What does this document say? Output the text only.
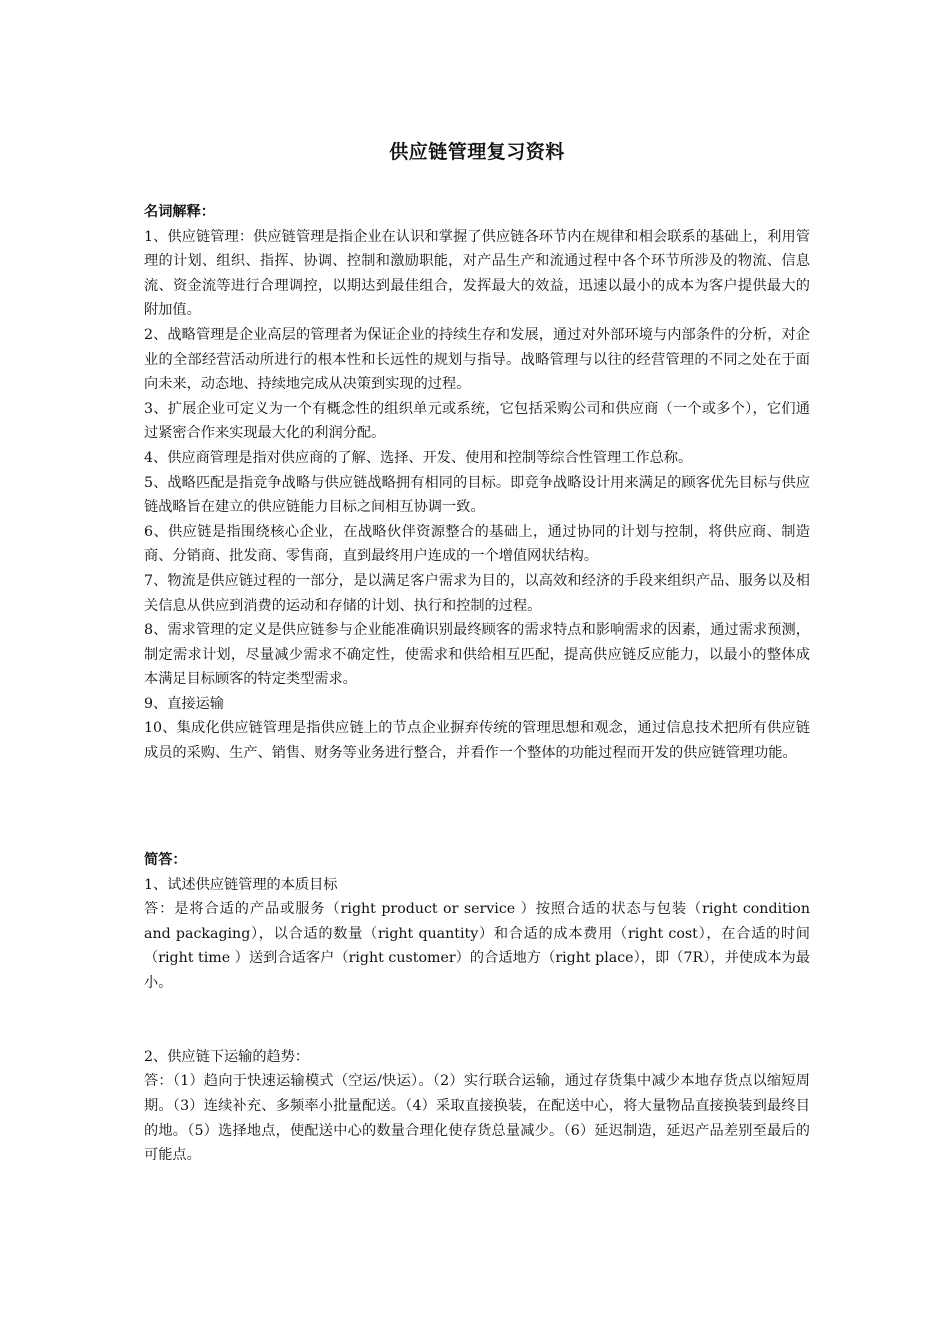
供应链管理复习资料
名词解释：

1、供应链管理：供应链管理是指企业在认识和掌握了供应链各环节内在规律和相会联系的基础上，利用管理的计划、组织、指挥、协调、控制和激励职能，对产品生产和流通过程中各个环节所涉及的物流、信息流、资金流等进行合理调控，以期达到最佳组合，发挥最大的效益，迅速以最小的成本为客户提供最大的附加值。

2、战略管理是企业高层的管理者为保证企业的持续生存和发展，通过对外部环境与内部条件的分析，对企业的全部经营活动所进行的根本性和长远性的规划与指导。战略管理与以往的经营管理的不同之处在于面向未来，动态地、持续地完成从决策到实现的过程。

3、扩展企业可定义为一个有概念性的组织单元或系统，它包括采购公司和供应商（一个或多个），它们通过紧密合作来实现最大化的利润分配。

4、供应商管理是指对供应商的了解、选择、开发、使用和控制等综合性管理工作总称。

5、战略匹配是指竞争战略与供应链战略拥有相同的目标。即竞争战略设计用来满足的顾客优先目标与供应链战略旨在建立的供应链能力目标之间相互协调一致。

6、供应链是指围绕核心企业，在战略伙伴资源整合的基础上，通过协同的计划与控制，将供应商、制造商、分销商、批发商、零售商，直到最终用户连成的一个增值网状结构。

7、物流是供应链过程的一部分，是以满足客户需求为目的，以高效和经济的手段来组织产品、服务以及相关信息从供应到消费的运动和存储的计划、执行和控制的过程。

8、需求管理的定义是供应链参与企业能准确识别最终顾客的需求特点和影响需求的因素，通过需求预测，制定需求计划，尽量减少需求不确定性，使需求和供给相互匹配，提高供应链反应能力，以最小的整体成本满足目标顾客的特定类型需求。

9、直接运输

10、集成化供应链管理是指供应链上的节点企业摒弃传统的管理思想和观念，通过信息技术把所有供应链成员的采购、生产、销售、财务等业务进行整合，并看作一个整体的功能过程而开发的供应链管理功能。

简答：

1、试述供应链管理的本质目标

答：是将合适的产品或服务（right product or service ）按照合适的状态与包装（right condition and packaging），以合适的数量（right quantity）和合适的成本费用（right cost），在合适的时间（right time ）送到合适客户（right customer）的合适地方（right place），即（7R），并使成本为最小。

2、供应链下运输的趋势：

答：（1）趋向于快速运输模式（空运/快运）。（2）实行联合运输，通过存货集中减少本地存货点以缩短周期。（3）连续补充、多频率小批量配送。（4）采取直接换装，在配送中心，将大量物品直接换装到最终目的地。（5）选择地点，使配送中心的数量合理化使存货总量减少。（6）延迟制造，延迟产品差别至最后的可能点。
